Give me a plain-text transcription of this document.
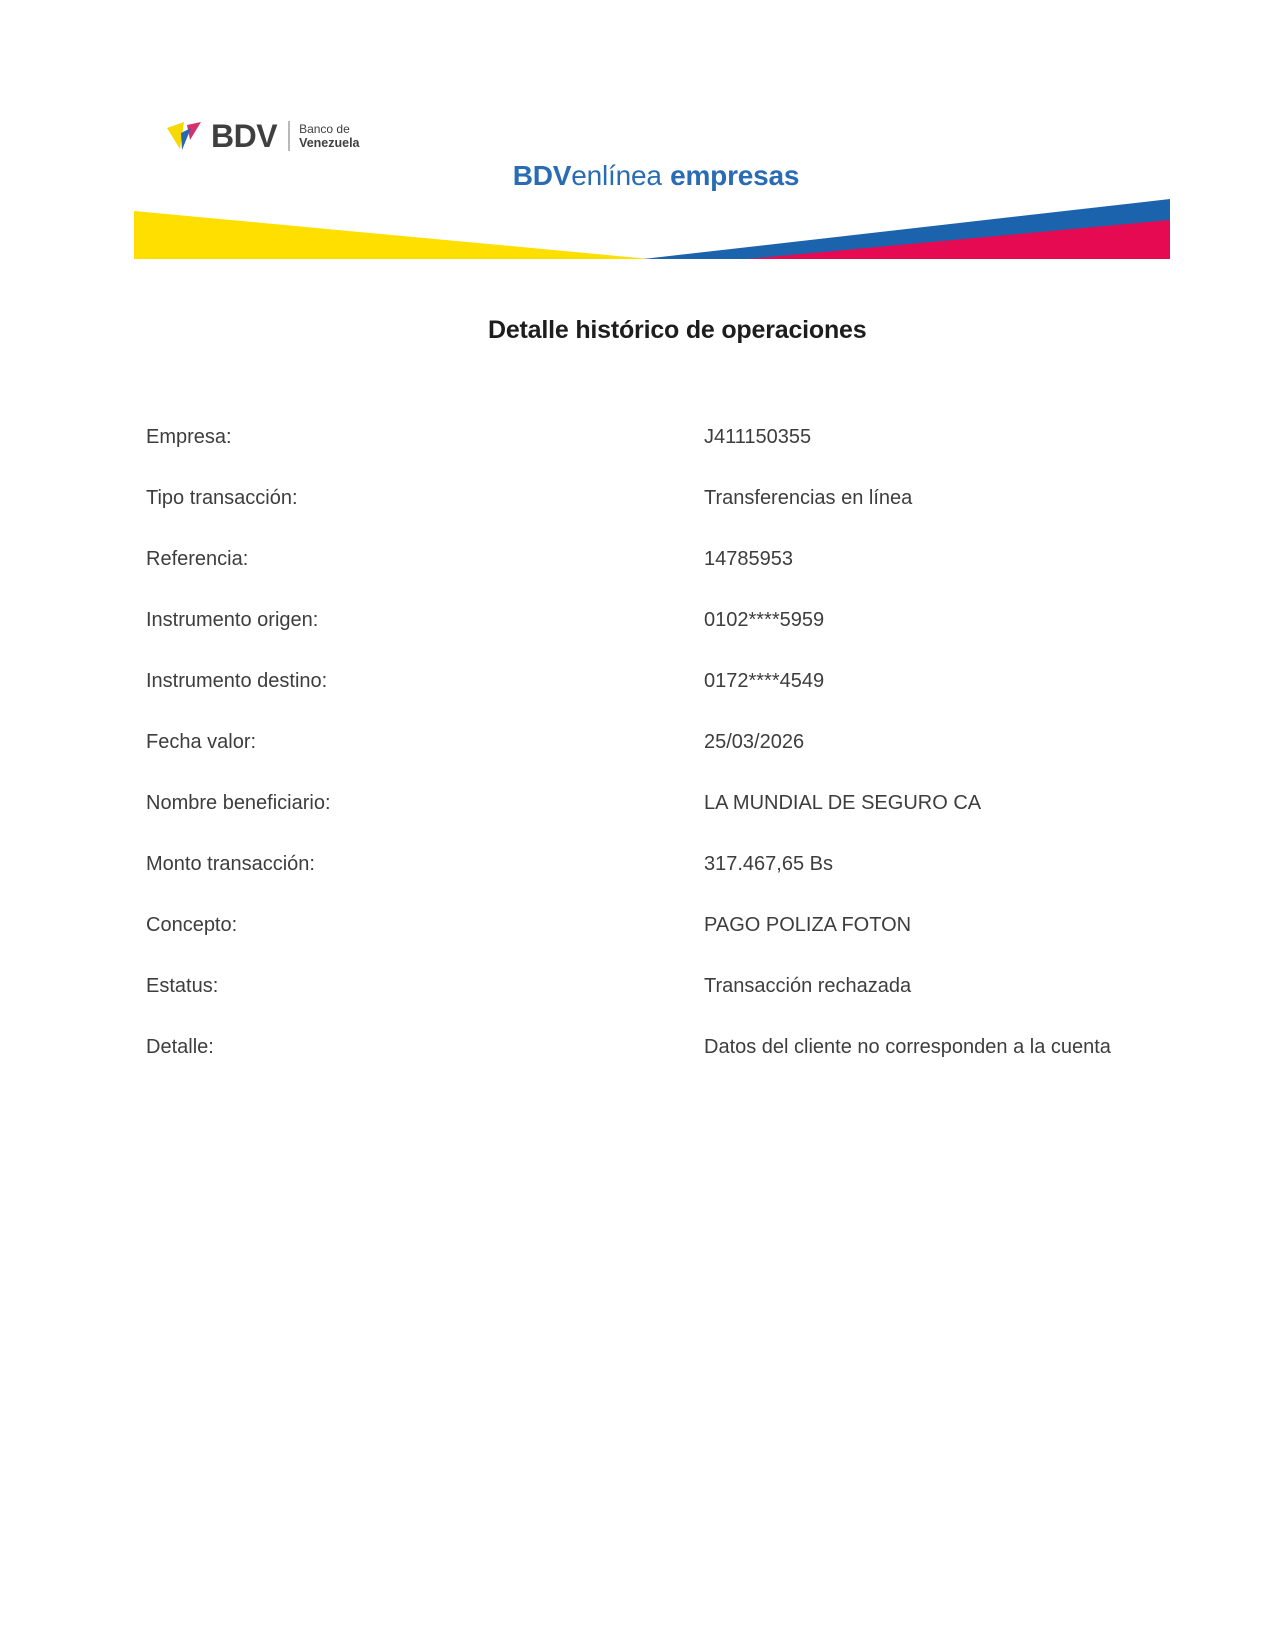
BDV Banco de
Venezuela
BDVenlínea empresas
Detalle histórico de operaciones
Empresa:	J411150355
Tipo transacción:	Transferencias en línea
Referencia:	14785953
Instrumento origen:	0102****5959
Instrumento destino:	0172****4549
Fecha valor:	25/03/2026
Nombre beneficiario:	LA MUNDIAL DE SEGURO CA
Monto transacción:	317.467,65 Bs
Concepto:	PAGO POLIZA FOTON
Estatus:	Transacción rechazada
Detalle:	Datos del cliente no corresponden a la cuenta
